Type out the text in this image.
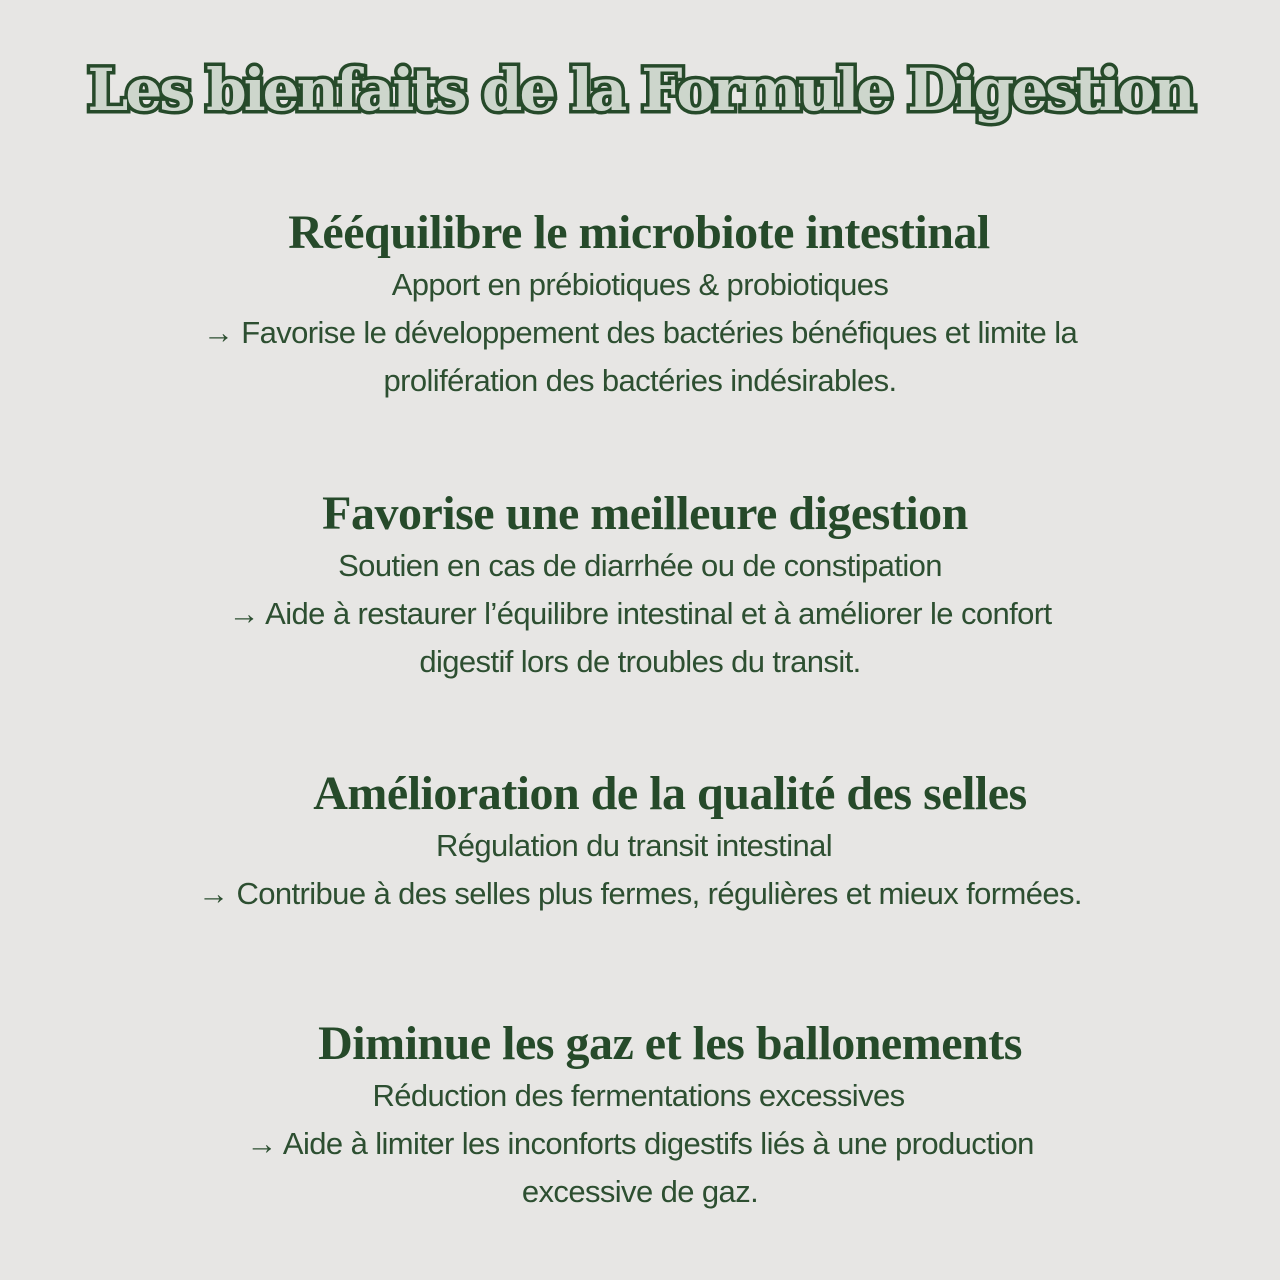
Les bienfaits de la Formule Digestion
Rééquilibre le microbiote intestinal
Apport en prébiotiques & probiotiques
→ Favorise le développement des bactéries bénéfiques et limite la
prolifération des bactéries indésirables.
Favorise une meilleure digestion
Soutien en cas de diarrhée ou de constipation
→ Aide à restaurer l’équilibre intestinal et à améliorer le confort
digestif lors de troubles du transit.
Amélioration de la qualité des selles
Régulation du transit intestinal
→ Contribue à des selles plus fermes, régulières et mieux formées.
Diminue les gaz et les ballonements
Réduction des fermentations excessives
→ Aide à limiter les inconforts digestifs liés à une production
excessive de gaz.
